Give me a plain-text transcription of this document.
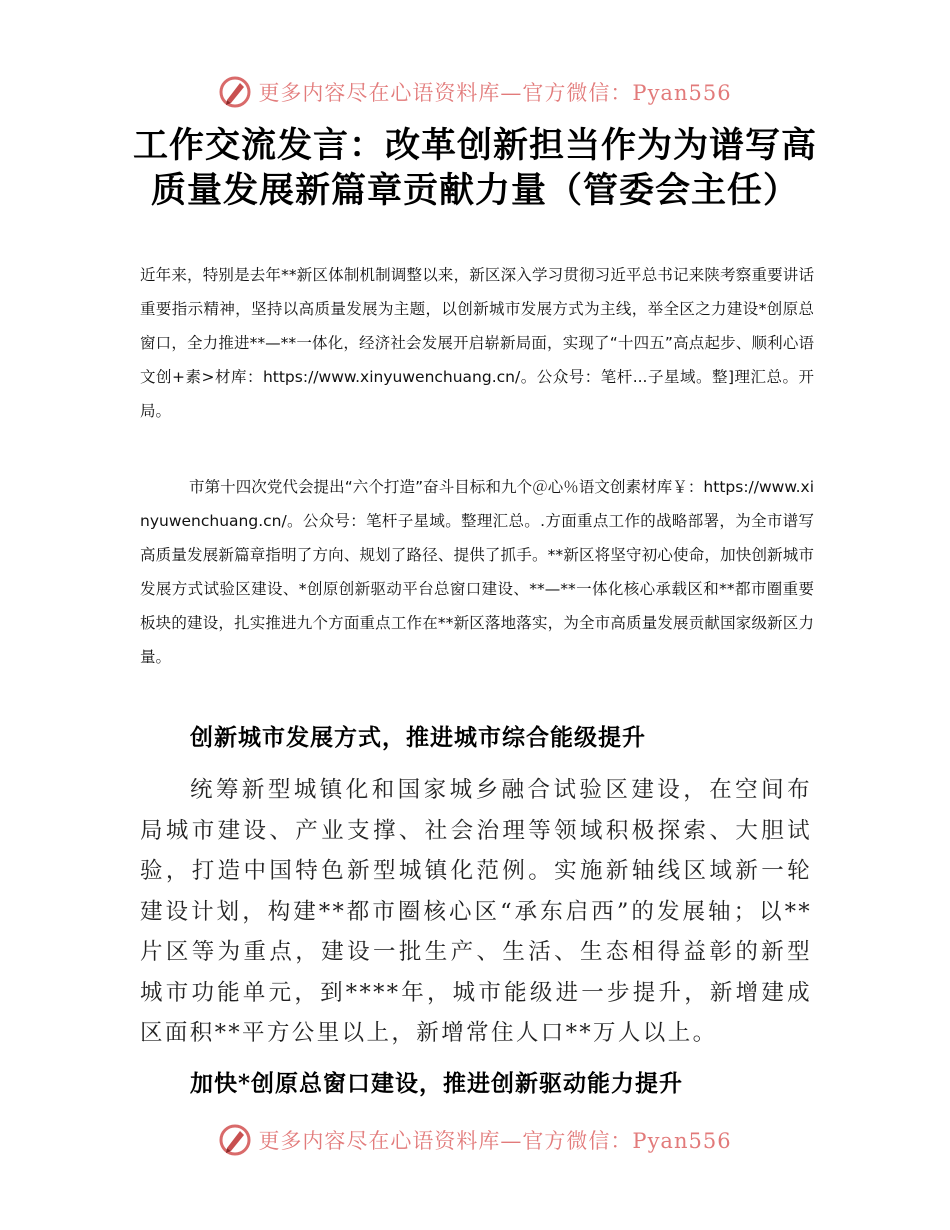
更多内容尽在心语资料库—官方微信：Pyan556
工作交流发言：改革创新担当作为为谱写高
质量发展新篇章贡献力量（管委会主任）

近年来，特别是去年**新区体制机制调整以来，新区深入学习贯彻习近平总书记来陕考察重要讲话重要指示精神，坚持以高质量发展为主题，以创新城市发展方式为主线，举全区之力建设*创原总窗口，全力推进**—**一体化，经济社会发展开启崭新局面，实现了“十四五”高点起步、顺利心语文创+素>材库：https://www.xinyuwenchuang.cn/。公众号：笔杆...子星域。整]理汇总。开局。

市第十四次党代会提出“六个打造”奋斗目标和九个＠心％语文创素材库￥：https://www.xinyuwenchuang.cn/。公众号：笔杆子星域。整理汇总。.方面重点工作的战略部署，为全市谱写高质量发展新篇章指明了方向、规划了路径、提供了抓手。**新区将坚守初心使命，加快创新城市发展方式试验区建设、*创原创新驱动平台总窗口建设、**—**一体化核心承载区和**都市圈重要板块的建设，扎实推进九个方面重点工作在**新区落地落实，为全市高质量发展贡献国家级新区力量。

创新城市发展方式，推进城市综合能级提升

统筹新型城镇化和国家城乡融合试验区建设，在空间布局城市建设、产业支撑、社会治理等领域积极探索、大胆试验，打造中国特色新型城镇化范例。实施新轴线区域新一轮建设计划，构建**都市圈核心区“承东启西”的发展轴；以**片区等为重点，建设一批生产、生活、生态相得益彰的新型城市功能单元，到****年，城市能级进一步提升，新增建成区面积**平方公里以上，新增常住人口**万人以上。

加快*创原总窗口建设，推进创新驱动能力提升
更多内容尽在心语资料库—官方微信：Pyan556
